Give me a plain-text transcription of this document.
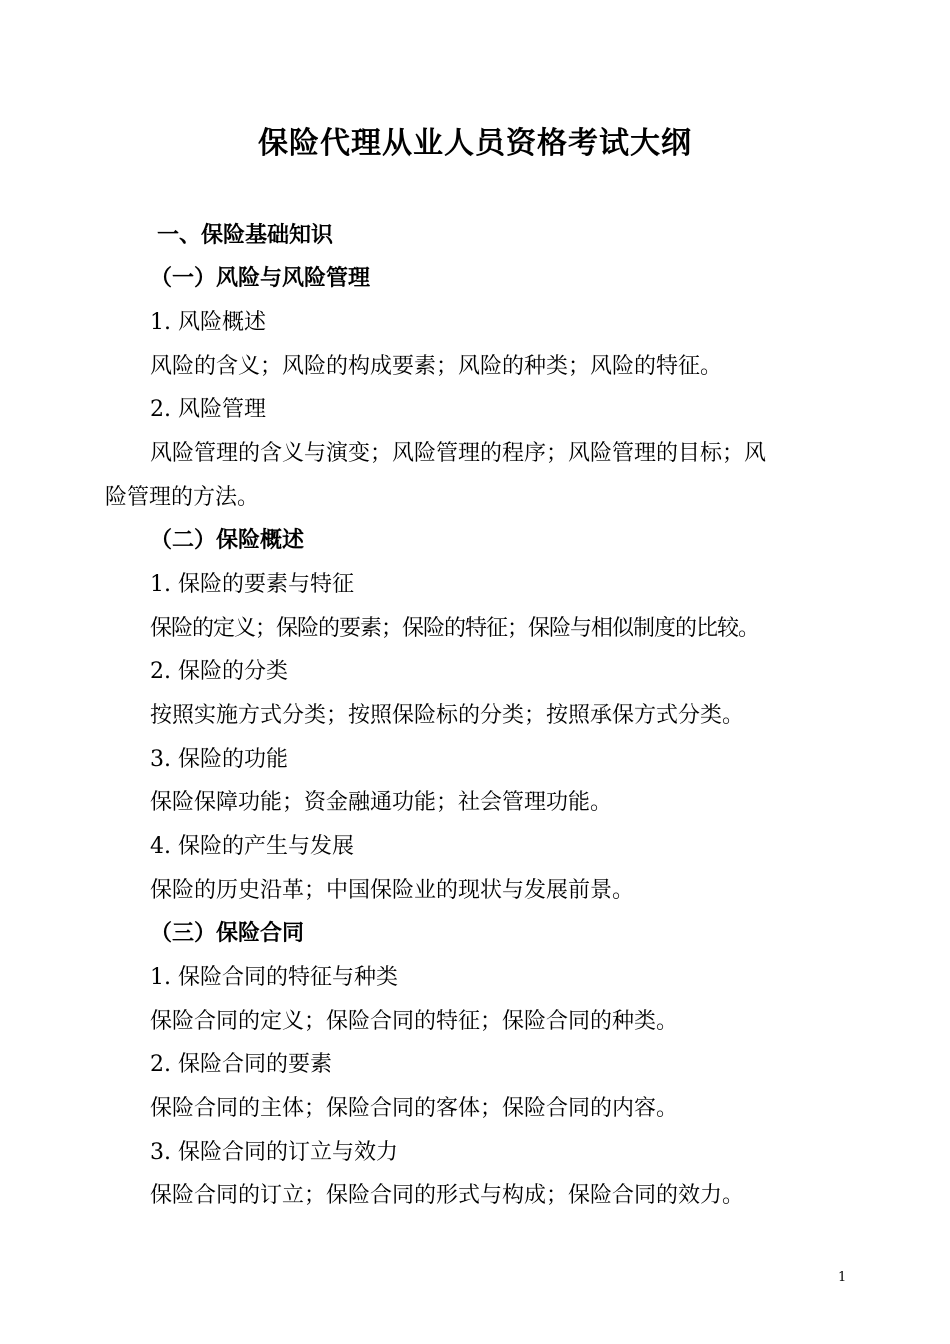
保险代理从业人员资格考试大纲
一、保险基础知识
（一）风险与风险管理
1. 风险概述
风险的含义；风险的构成要素；风险的种类；风险的特征。
2. 风险管理
风险管理的含义与演变；风险管理的程序；风险管理的目标；风
险管理的方法。
（二）保险概述
1. 保险的要素与特征
保险的定义；保险的要素；保险的特征；保险与相似制度的比较。
2. 保险的分类
按照实施方式分类；按照保险标的分类；按照承保方式分类。
3. 保险的功能
保险保障功能；资金融通功能；社会管理功能。
4. 保险的产生与发展
保险的历史沿革；中国保险业的现状与发展前景。
（三）保险合同
1. 保险合同的特征与种类
保险合同的定义；保险合同的特征；保险合同的种类。
2. 保险合同的要素
保险合同的主体；保险合同的客体；保险合同的内容。
3. 保险合同的订立与效力
保险合同的订立；保险合同的形式与构成；保险合同的效力。
1
